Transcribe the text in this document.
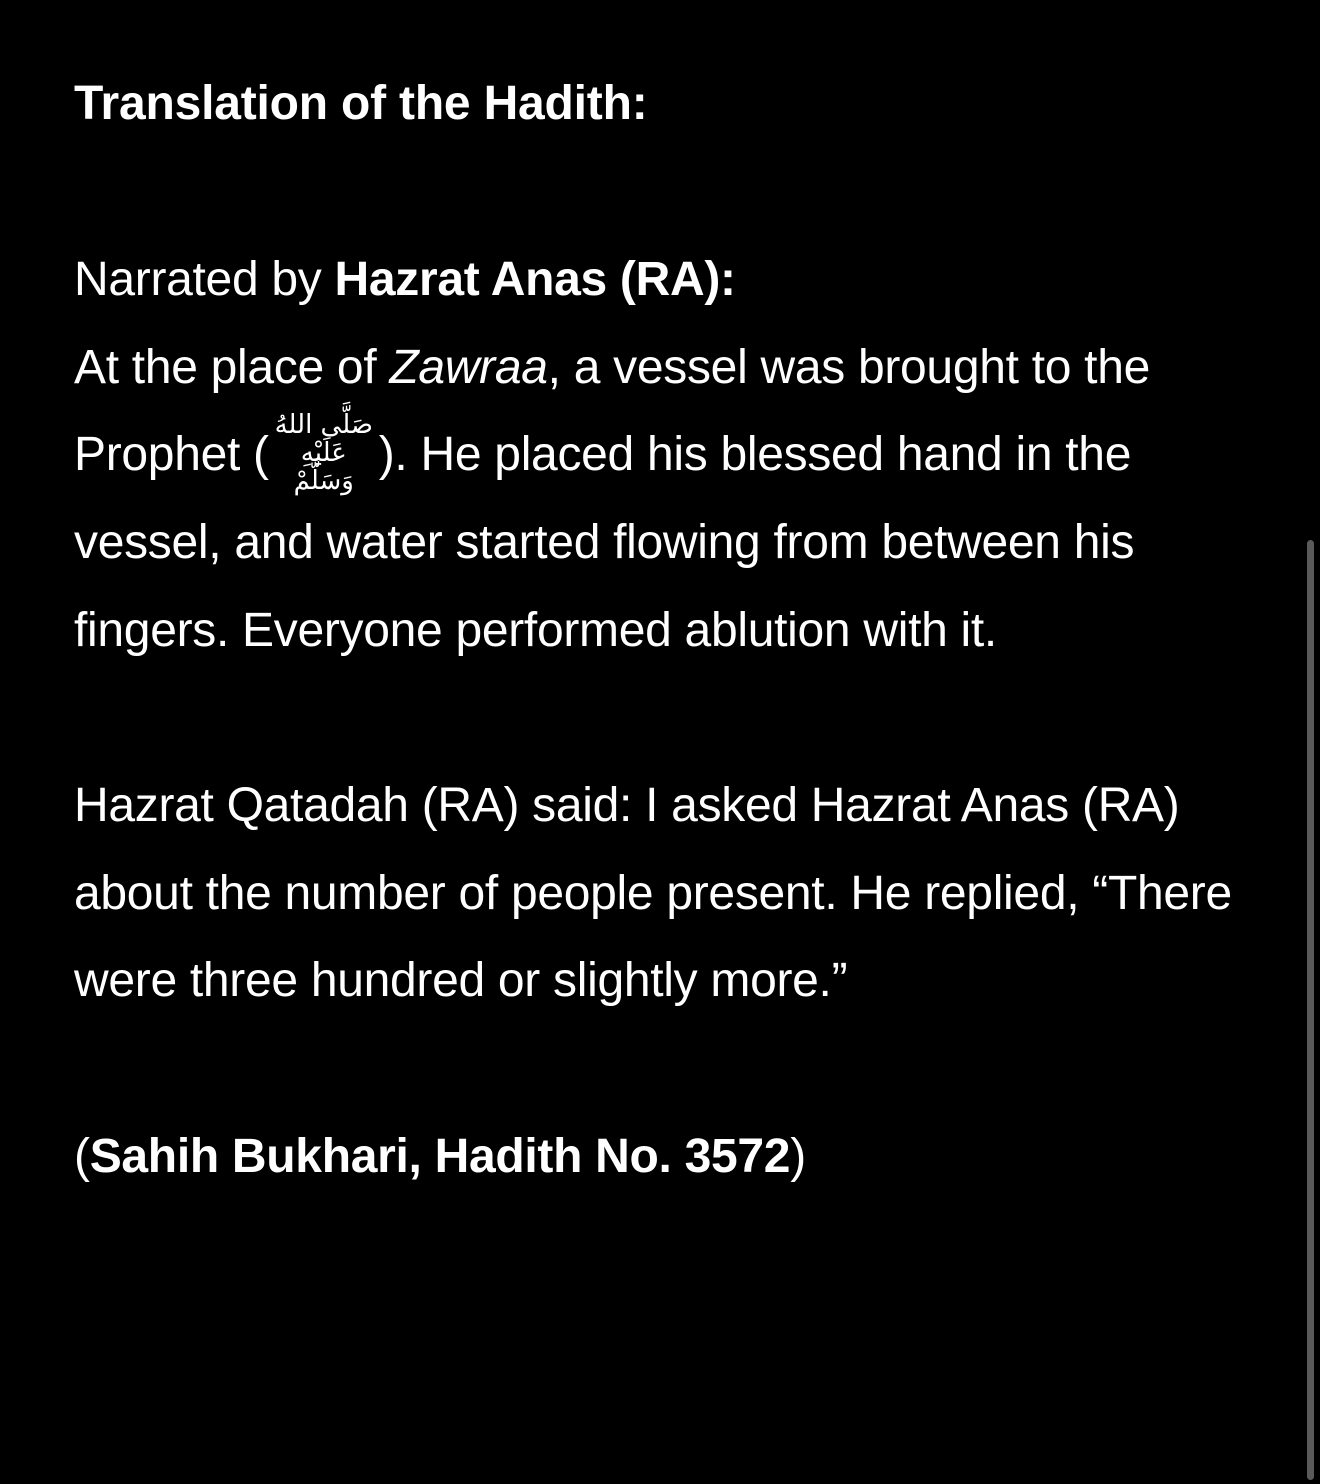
Translation of the Hadith:

Narrated by Hazrat Anas (RA):

At the place of Zawraa, a vessel was brought to the Prophet (صَلَّى اللهُ عَلَيْهِ وَسَلَّمْ). He placed his blessed hand in the vessel, and water started flowing from between his fingers. Everyone performed ablution with it.

Hazrat Qatadah (RA) said: I asked Hazrat Anas (RA) about the number of people present. He replied, “There were three hundred or slightly more.”

(Sahih Bukhari, Hadith No. 3572)
